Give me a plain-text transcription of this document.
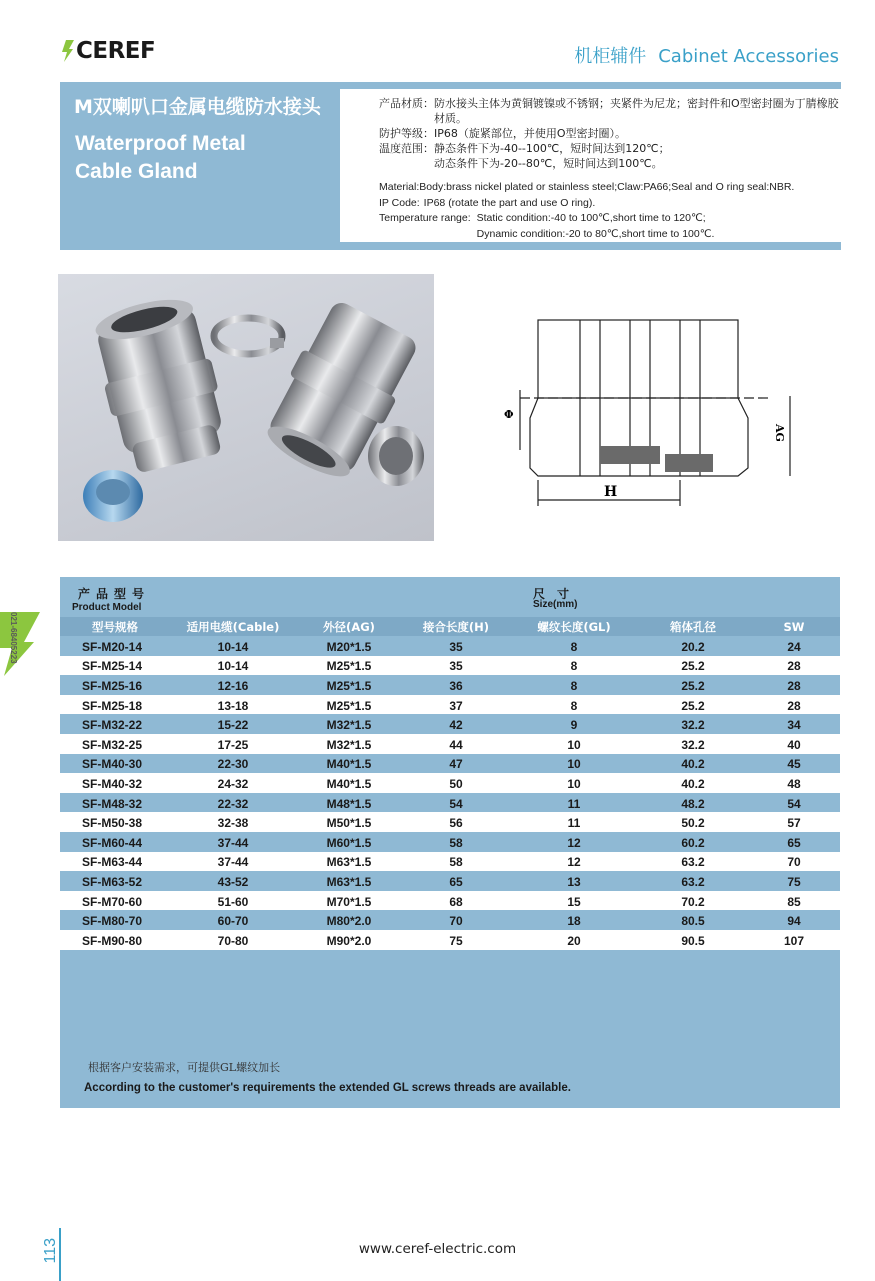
CEREF	机柜辅件 Cabinet Accessories
M双喇叭口金属电缆防水接头
Waterproof Metal
Cable Gland
产品材质： 防水接头主体为黄铜镀镍或不锈钢；夹紧件为尼龙；密封件和O型密封圈为丁腈橡胶材质。
防护等级： IP68（旋紧部位，并使用O型密封圈）。
温度范围： 静态条件下为-40--100℃，短时间达到120℃；
动态条件下为-20--80℃，短时间达到100℃。
Material: Body:brass nickel plated or stainless steel;Claw:PA66;Seal and O ring seal:NBR.
IP Code: IP68 (rotate the part and use O ring).
Temperature range: Static condition:-40 to 100℃,short time to 120℃;
Dynamic condition:-20 to 80℃,short time to 100℃.
Φ
H
AG
021-68405223
产品型号
Product Model
尺寸
Size(mm)
型号规格	适用电缆(Cable)	外径(AG)	接合长度(H)	螺纹长度(GL)	箱体孔径	SW
SF-M20-14	10-14	M20*1.5	35	8	20.2	24
SF-M25-14	10-14	M25*1.5	35	8	25.2	28
SF-M25-16	12-16	M25*1.5	36	8	25.2	28
SF-M25-18	13-18	M25*1.5	37	8	25.2	28
SF-M32-22	15-22	M32*1.5	42	9	32.2	34
SF-M32-25	17-25	M32*1.5	44	10	32.2	40
SF-M40-30	22-30	M40*1.5	47	10	40.2	45
SF-M40-32	24-32	M40*1.5	50	10	40.2	48
SF-M48-32	22-32	M48*1.5	54	11	48.2	54
SF-M50-38	32-38	M50*1.5	56	11	50.2	57
SF-M60-44	37-44	M60*1.5	58	12	60.2	65
SF-M63-44	37-44	M63*1.5	58	12	63.2	70
SF-M63-52	43-52	M63*1.5	65	13	63.2	75
SF-M70-60	51-60	M70*1.5	68	15	70.2	85
SF-M80-70	60-70	M80*2.0	70	18	80.5	94
SF-M90-80	70-80	M90*2.0	75	20	90.5	107
根据客户安装需求，可提供GL螺纹加长
According to the customer's requirements the extended GL screws threads are available.
113	www.ceref-electric.com
